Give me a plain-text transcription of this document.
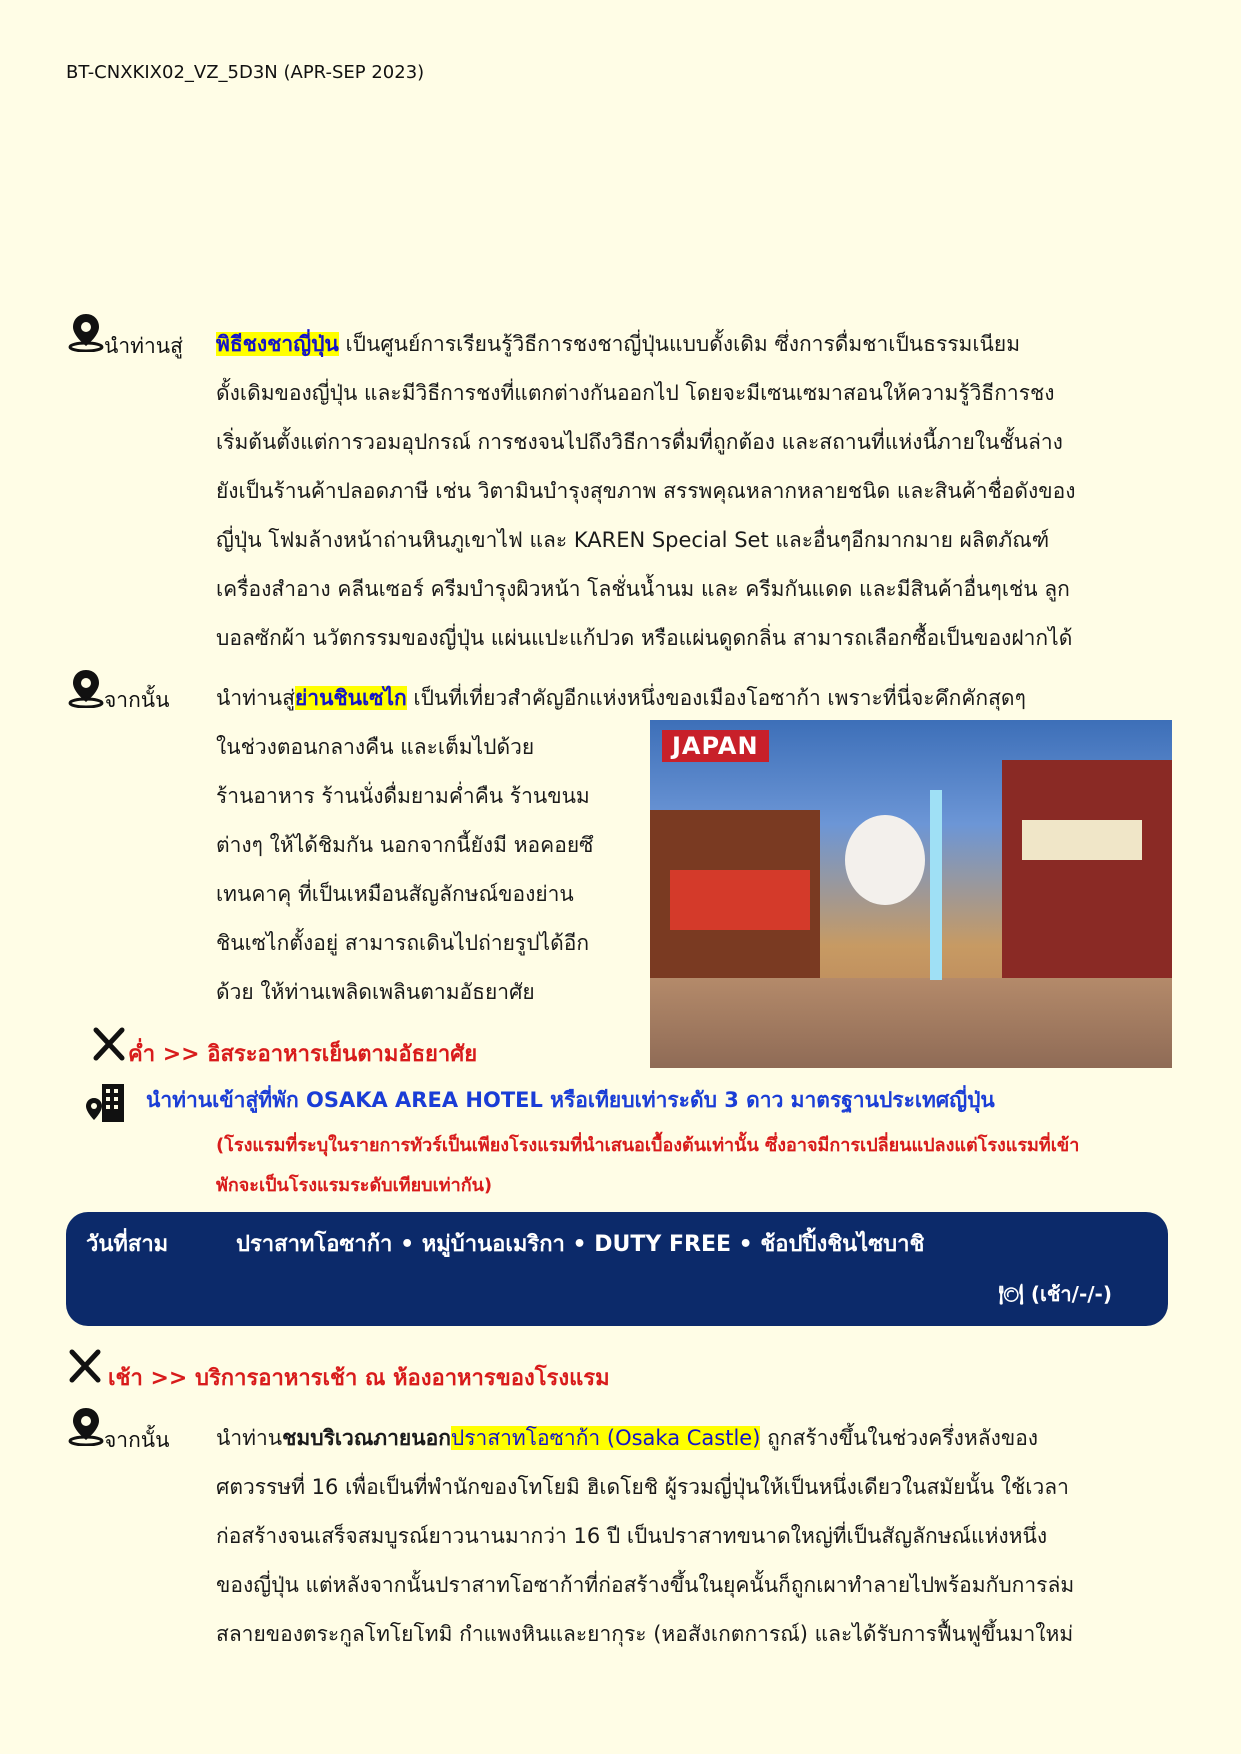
BT-CNXKIX02_VZ_5D3N (APR-SEP 2023)
นำท่านสู่ พิธีชงชาญี่ปุ่น เป็นศูนย์การเรียนรู้วิธีการชงชาญี่ปุ่นแบบดั้งเดิม ซึ่งการดื่มชาเป็นธรรมเนียม
ดั้งเดิมของญี่ปุ่น และมีวิธีการชงที่แตกต่างกันออกไป โดยจะมีเซนเซมาสอนให้ความรู้วิธีการชง
เริ่มต้นตั้งแต่การวอมอุปกรณ์ การชงจนไปถึงวิธีการดื่มที่ถูกต้อง และสถานที่แห่งนี้ภายในชั้นล่าง
ยังเป็นร้านค้าปลอดภาษี เช่น วิตามินบำรุงสุขภาพ สรรพคุณหลากหลายชนิด และสินค้าชื่อดังของ
ญี่ปุ่น โฟมล้างหน้าถ่านหินภูเขาไฟ และ KAREN Special Set และอื่นๆอีกมากมาย ผลิตภัณฑ์
เครื่องสำอาง คลีนเซอร์ ครีมบำรุงผิวหน้า โลชั่นน้ำนม และ ครีมกันแดด และมีสินค้าอื่นๆเช่น ลูก
บอลซักผ้า นวัตกรรมของญี่ปุ่น แผ่นแปะแก้ปวด หรือแผ่นดูดกลิ่น สามารถเลือกซื้อเป็นของฝากได้
จากนั้น นำท่านสู่ย่านชินเซไก เป็นที่เที่ยวสำคัญอีกแห่งหนึ่งของเมืองโอซาก้า เพราะที่นี่จะคึกคักสุดๆ
ในช่วงตอนกลางคืน และเต็มไปด้วย
ร้านอาหาร ร้านนั่งดื่มยามค่ำคืน ร้านขนม
ต่างๆ ให้ได้ชิมกัน นอกจากนี้ยังมี หอคอยซึ
เทนคาคุ ที่เป็นเหมือนสัญลักษณ์ของย่าน
ชินเซไกตั้งอยู่ สามารถเดินไปถ่ายรูปได้อีก
ด้วย ให้ท่านเพลิดเพลินตามอัธยาศัย
JAPAN
ค่ำ >> อิสระอาหารเย็นตามอัธยาศัย
นำท่านเข้าสู่ที่พัก OSAKA AREA HOTEL หรือเทียบเท่าระดับ 3 ดาว มาตรฐานประเทศญี่ปุ่น
(โรงแรมที่ระบุในรายการทัวร์เป็นเพียงโรงแรมที่นำเสนอเบื้องต้นเท่านั้น ซึ่งอาจมีการเปลี่ยนแปลงแต่โรงแรมที่เข้า
พักจะเป็นโรงแรมระดับเทียบเท่ากัน)
วันที่สาม	ปราสาทโอซาก้า • หมู่บ้านอเมริกา • DUTY FREE • ช้อปปิ้งชินไซบาชิ
🍽 (เช้า/-/-)
เช้า >> บริการอาหารเช้า ณ ห้องอาหารของโรงแรม
จากนั้น นำท่านชมบริเวณภายนอกปราสาทโอซาก้า (Osaka Castle) ถูกสร้างขึ้นในช่วงครึ่งหลังของ
ศตวรรษที่ 16 เพื่อเป็นที่พำนักของโทโยมิ ฮิเดโยชิ ผู้รวมญี่ปุ่นให้เป็นหนึ่งเดียวในสมัยนั้น ใช้เวลา
ก่อสร้างจนเสร็จสมบูรณ์ยาวนานมากว่า 16 ปี เป็นปราสาทขนาดใหญ่ที่เป็นสัญลักษณ์แห่งหนึ่ง
ของญี่ปุ่น แต่หลังจากนั้นปราสาทโอซาก้าที่ก่อสร้างขึ้นในยุคนั้นก็ถูกเผาทำลายไปพร้อมกับการล่ม
สลายของตระกูลโทโยโทมิ กำแพงหินและยากุระ (หอสังเกตการณ์) และได้รับการฟื้นฟูขึ้นมาใหม่
